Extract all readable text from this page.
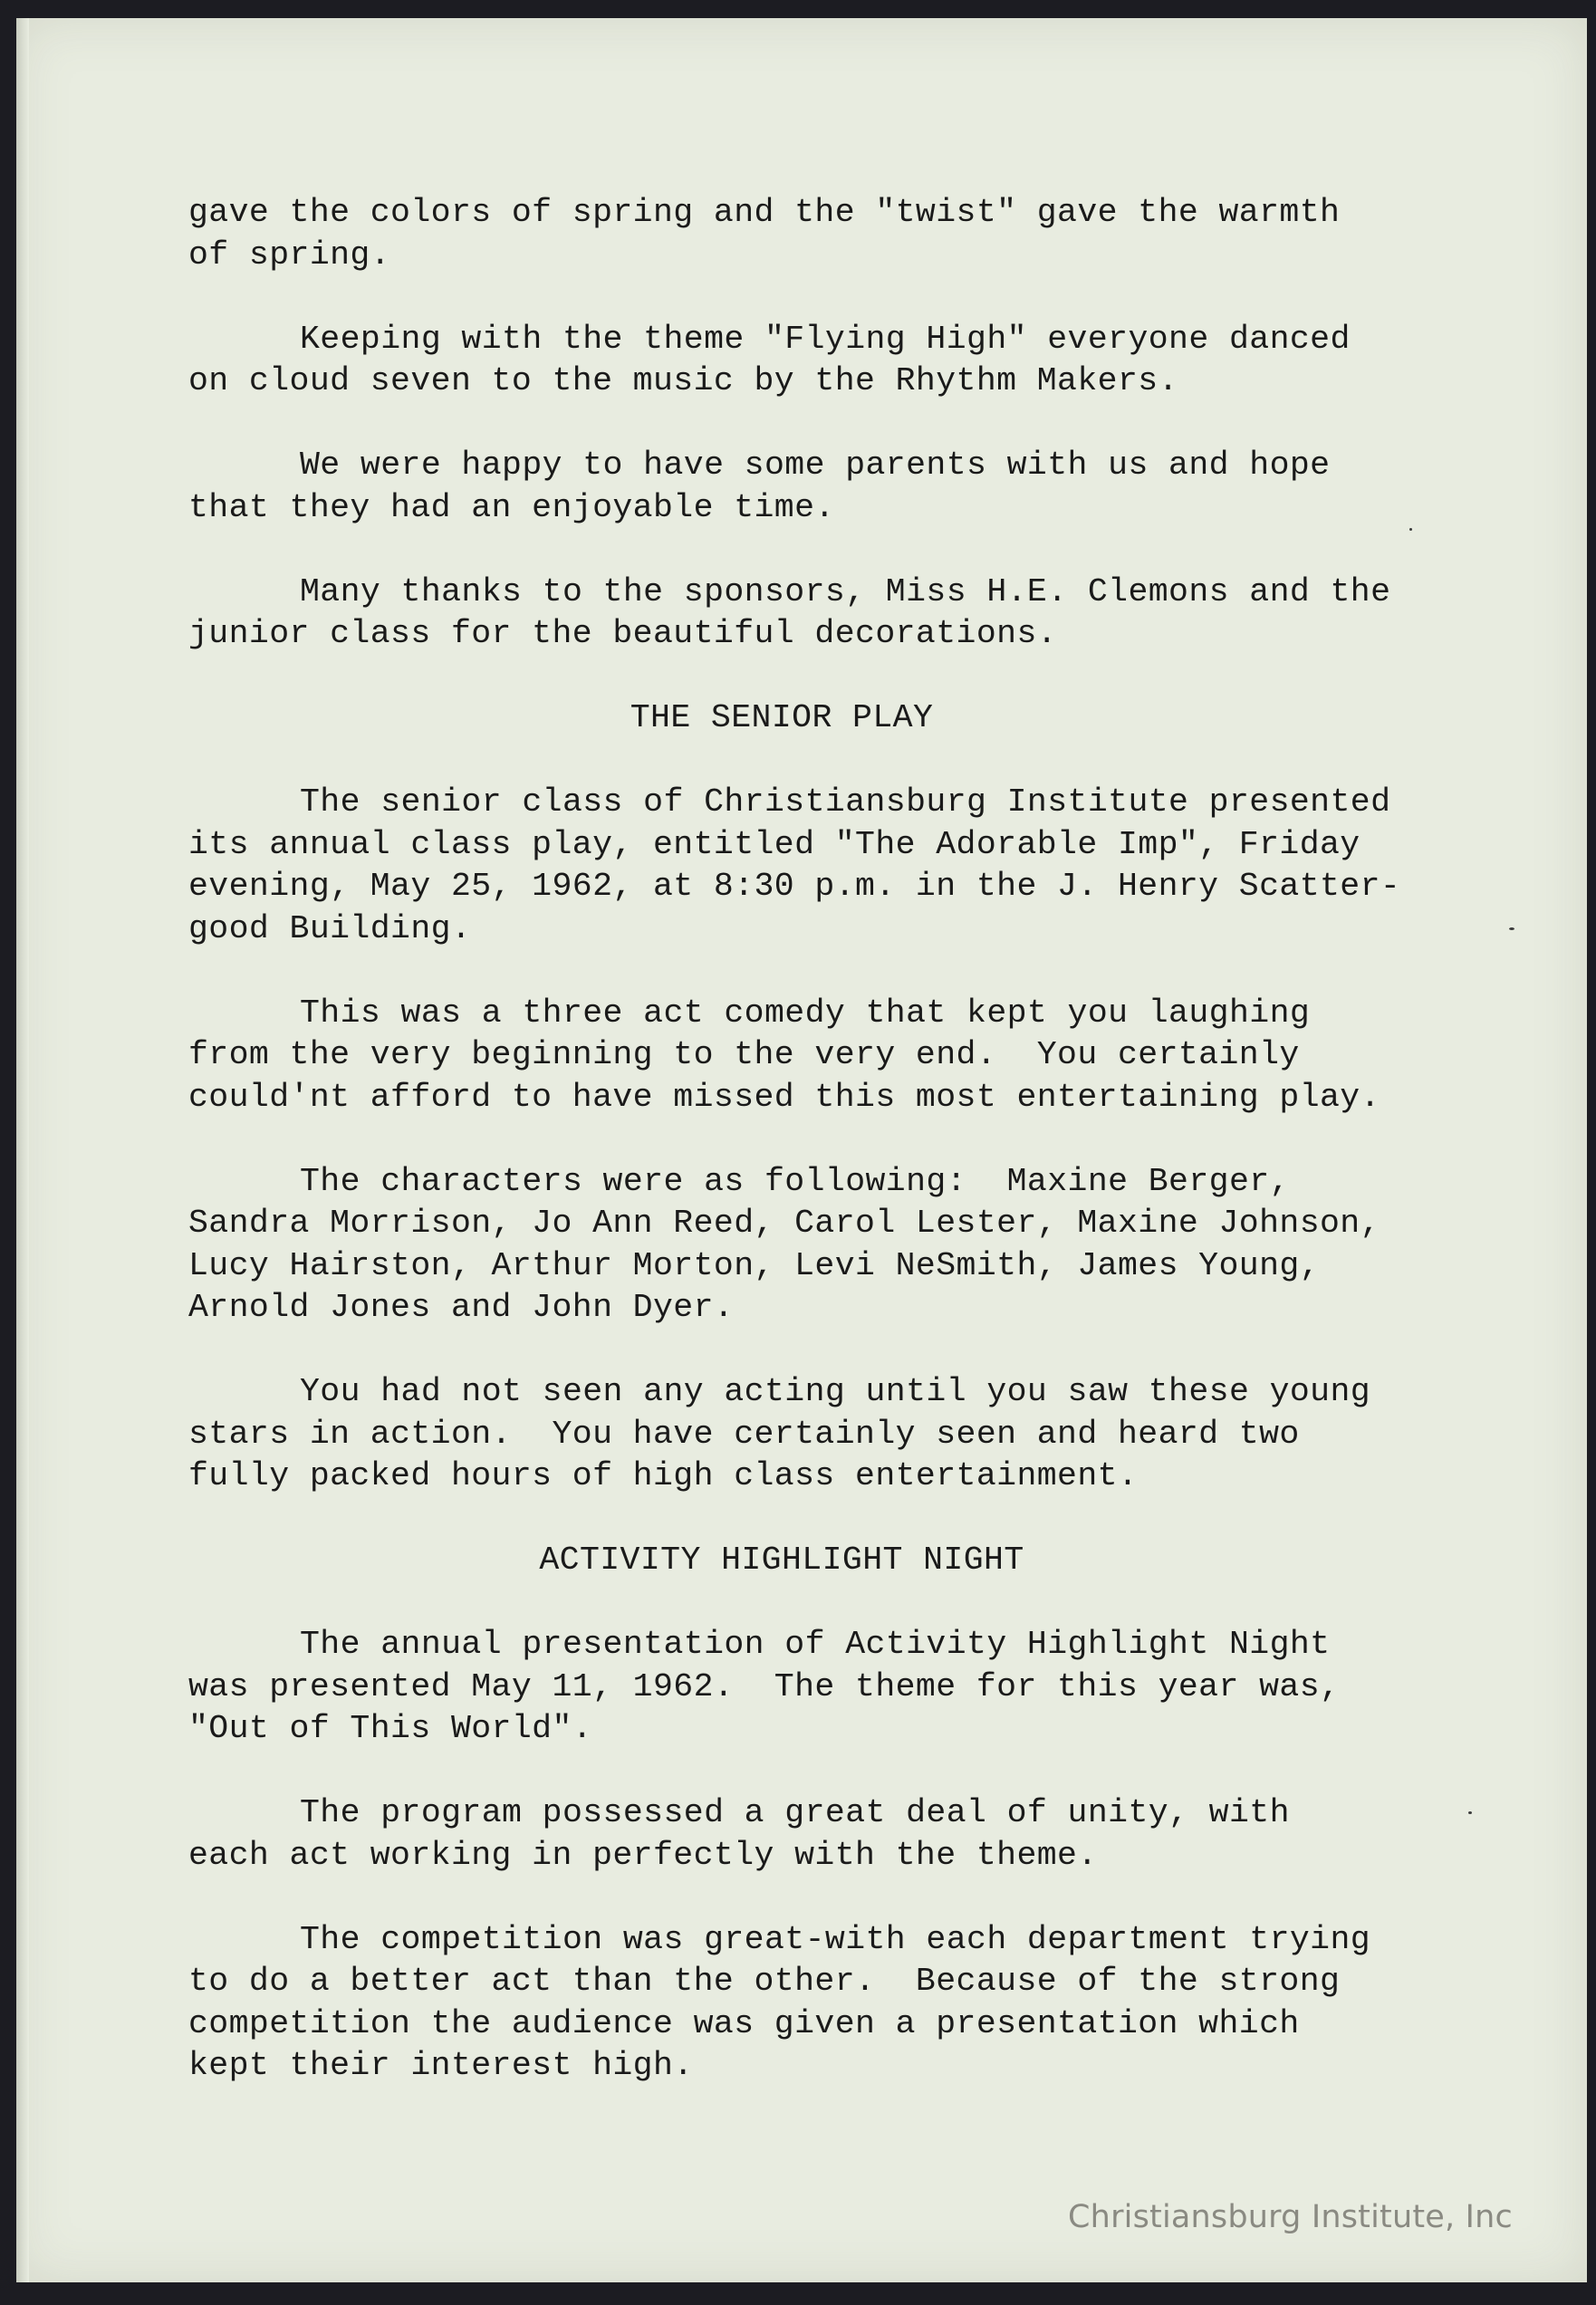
gave the colors of spring and the "twist" gave the warmth
of spring.

Keeping with the theme "Flying High" everyone danced
on cloud seven to the music by the Rhythm Makers.

We were happy to have some parents with us and hope
that they had an enjoyable time.

Many thanks to the sponsors, Miss H.E. Clemons and the
junior class for the beautiful decorations.

THE SENIOR PLAY

The senior class of Christiansburg Institute presented
its annual class play, entitled "The Adorable Imp", Friday
evening, May 25, 1962, at 8:30 p.m. in the J. Henry Scatter-
good Building.

This was a three act comedy that kept you laughing
from the very beginning to the very end.  You certainly
could'nt afford to have missed this most entertaining play.

The characters were as following:  Maxine Berger,
Sandra Morrison, Jo Ann Reed, Carol Lester, Maxine Johnson,
Lucy Hairston, Arthur Morton, Levi NeSmith, James Young,
Arnold Jones and John Dyer.

You had not seen any acting until you saw these young
stars in action.  You have certainly seen and heard two
fully packed hours of high class entertainment.

ACTIVITY HIGHLIGHT NIGHT

The annual presentation of Activity Highlight Night
was presented May 11, 1962.  The theme for this year was,
"Out of This World".

The program possessed a great deal of unity, with
each act working in perfectly with the theme.

The competition was great-with each department trying
to do a better act than the other.  Because of the strong
competition the audience was given a presentation which
kept their interest high.

Christiansburg Institute, Inc
